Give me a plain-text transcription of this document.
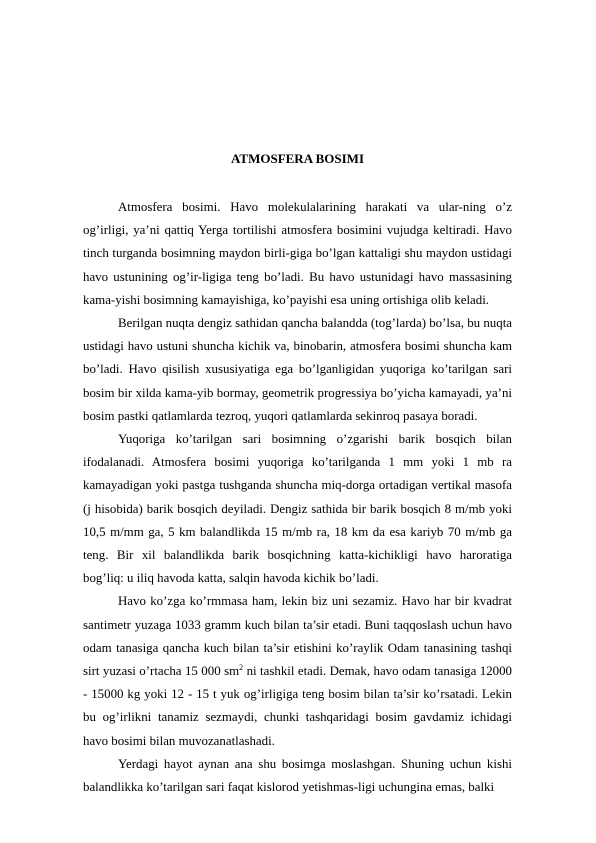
ATMOSFERA BOSIMI

Atmosfera bosimi. Havo molekulalarining harakati va ular-ning o’z og’irligi, ya’ni qattiq Yerga tortilishi atmosfera bosimini vujudga keltiradi. Havo tinch turganda bosimning maydon birli-giga bo’lgan kattaligi shu maydon ustidagi havo ustunining og’ir-ligiga teng bo’ladi. Bu havo ustunidagi havo massasining kama-yishi bosimning kamayishiga, ko’payishi esa uning ortishiga olib keladi.

Berilgan nuqta dengiz sathidan qancha balandda (tog’larda) bo’lsa, bu nuqta ustidagi havo ustuni shuncha kichik va, binobarin, atmosfera bosimi shuncha kam bo’ladi. Havo qisilish xususiyatiga ega bo’lganligidan yuqoriga ko’tarilgan sari bosim bir xilda kama-yib bormay, geometrik progressiya bo’yicha kamayadi, ya’ni bosim pastki qatlamlarda tezroq, yuqori qatlamlarda sekinroq pasaya boradi.

Yuqoriga ko’tarilgan sari bosimning o’zgarishi barik bosqich bilan ifodalanadi. Atmosfera bosimi yuqoriga ko’tarilganda 1 mm yoki 1 mb ra kamayadigan yoki pastga tushganda shuncha miq-dorga ortadigan vertikal masofa (j hisobida) barik bosqich deyiladi. Dengiz sathida bir barik bosqich 8 m/mb yoki 10,5 m/mm ga, 5 km balandlikda 15 m/mb ra, 18 km da esa kariyb 70 m/mb ga teng. Bir xil balandlikda barik bosqichning katta-kichikligi havo haroratiga bog’liq: u iliq havoda katta, salqin havoda kichik bo’ladi.

Havo ko’zga ko’rmmasa ham, lekin biz uni sezamiz. Havo har bir kvadrat santimetr yuzaga 1033 gramm kuch bilan ta’sir etadi. Buni taqqoslash uchun havo odam tanasiga qancha kuch bilan ta’sir etishini ko’raylik Odam tanasining tashqi sirt yuzasi o’rtacha 15 000 $sm^2$ ni tashkil etadi. Demak, havo odam tanasiga 12000 - 15000 kg yoki 12 - 15 t yuk og’irligiga teng bosim bilan ta’sir ko’rsatadi. Lekin bu og’irlikni tanamiz sezmaydi, chunki tashqaridagi bosim gavdamiz ichidagi havo bosimi bilan muvozanatlashadi.

Yerdagi hayot aynan ana shu bosimga moslashgan. Shuning uchun kishi balandlikka ko’tarilgan sari faqat kislorod yetishmas-ligi uchungina emas, balki
